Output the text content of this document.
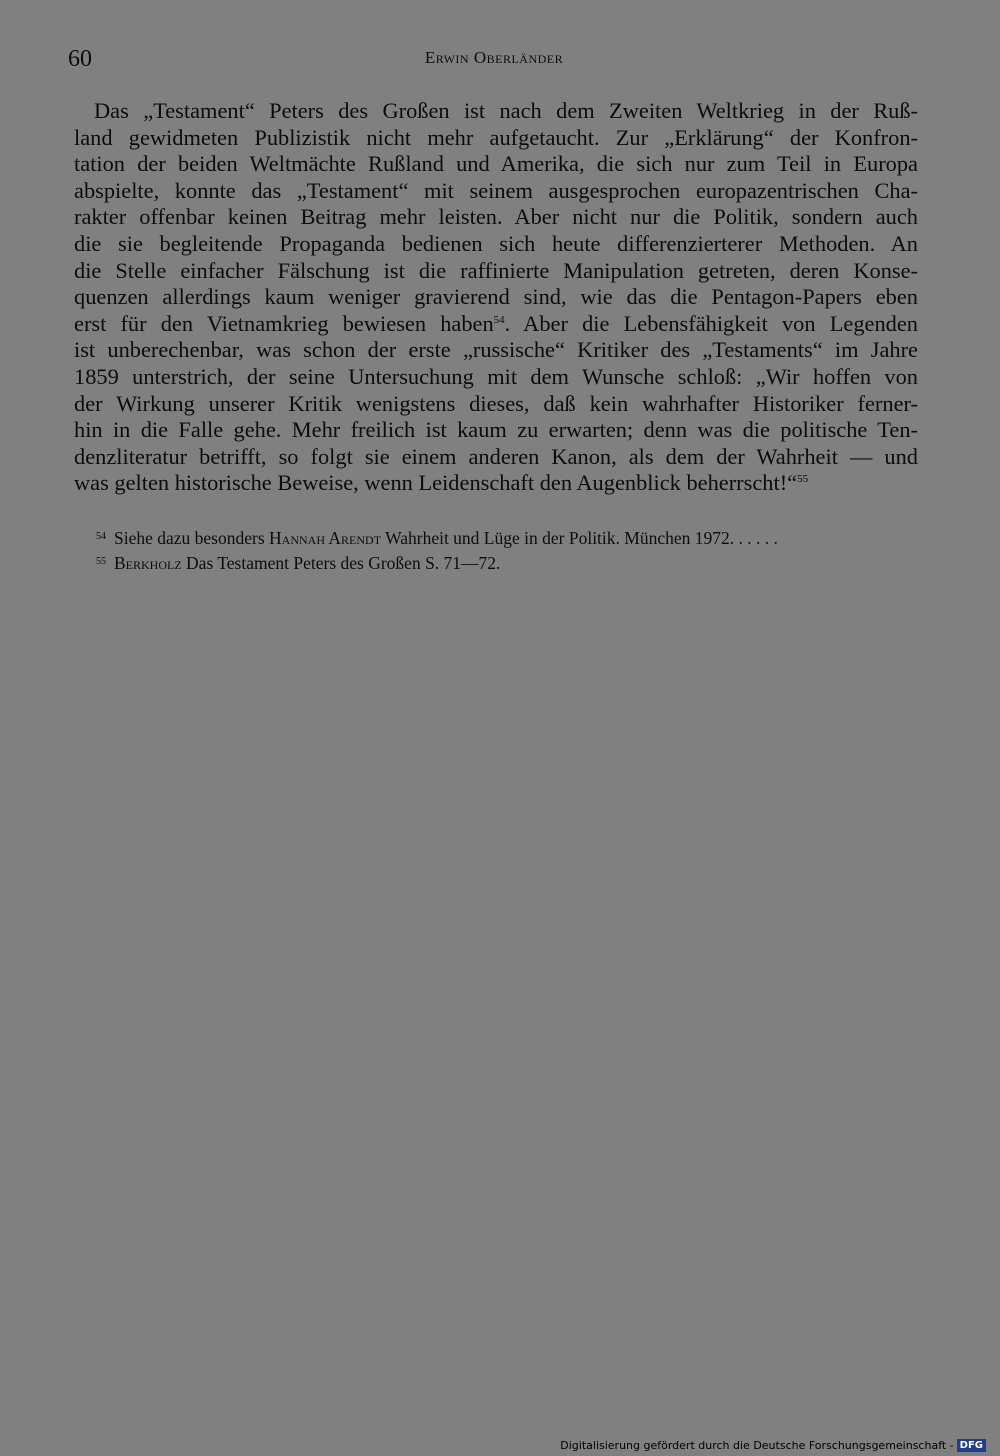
60	Erwin Oberländer
Das „Testament“ Peters des Großen ist nach dem Zweiten Weltkrieg in der Ruß-
land gewidmeten Publizistik nicht mehr aufgetaucht. Zur „Erklärung“ der Konfron-
tation der beiden Weltmächte Rußland und Amerika, die sich nur zum Teil in Europa
abspielte, konnte das „Testament“ mit seinem ausgesprochen europazentrischen Cha-
rakter offenbar keinen Beitrag mehr leisten. Aber nicht nur die Politik, sondern auch
die sie begleitende Propaganda bedienen sich heute differenzierterer Methoden. An
die Stelle einfacher Fälschung ist die raffinierte Manipulation getreten, deren Konse-
quenzen allerdings kaum weniger gravierend sind, wie das die Pentagon-Papers eben
erst für den Vietnamkrieg bewiesen haben$^{54}$. Aber die Lebensfähigkeit von Legenden
ist unberechenbar, was schon der erste „russische“ Kritiker des „Testaments“ im Jahre
1859 unterstrich, der seine Untersuchung mit dem Wunsche schloß: „Wir hoffen von
der Wirkung unserer Kritik wenigstens dieses, daß kein wahrhafter Historiker ferner-
hin in die Falle gehe. Mehr freilich ist kaum zu erwarten; denn was die politische Ten-
denzliteratur betrifft, so folgt sie einem anderen Kanon, als dem der Wahrheit — und
was gelten historische Beweise, wenn Leidenschaft den Augenblick beherrscht!“$^{55}$
$^{54}$ Siehe dazu besonders Hannah Arendt Wahrheit und Lüge in der Politik. München 1972. . . . . .
$^{55}$ Berkholz Das Testament Peters des Großen S. 71—72.
Digitalisierung gefördert durch die Deutsche Forschungsgemeinschaft - DFG
